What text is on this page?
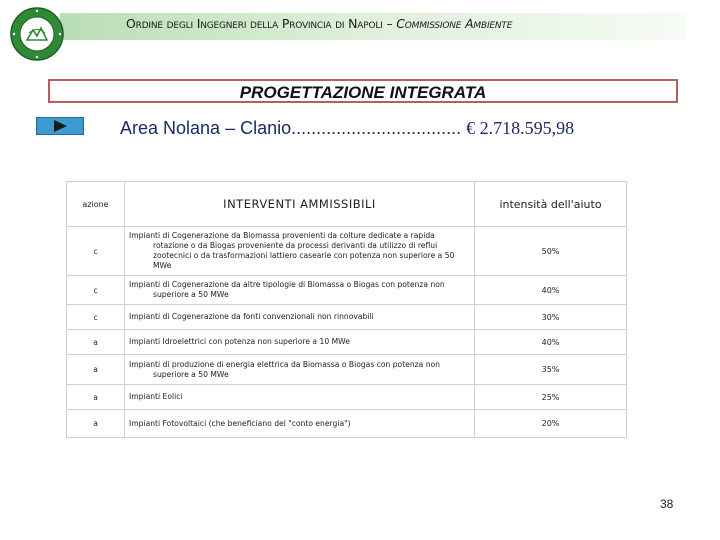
Ordine degli Ingegneri della Provincia di Napoli – Commissione Ambiente
PROGETTAZIONE INTEGRATA
Area Nolana – Clanio.................................. € 2.718.595,98
azione	INTERVENTI AMMISSIBILI	intensità dell'aiuto
c	Impianti di Cogenerazione da Biomassa provenienti da colture dedicate a rapida rotazione o da Biogas proveniente da processi derivanti da utilizzo di reflui zootecnici o da trasformazioni lattiero casearie con potenza non superiore a 50 MWe	50%
c	Impianti di Cogenerazione da altre tipologie di Biomassa o Biogas con potenza non superiore a 50 MWe	40%
c	Impianti di Cogenerazione da fonti convenzionali non rinnovabili	30%
a	Impianti Idroelettrici con potenza non superiore a 10 MWe	40%
a	Impianti di produzione di energia elettrica da Biomassa o Biogas con potenza non superiore a 50 MWe	35%
a	Impianti Eolici	25%
a	Impianti Fotovoltaici (che beneficiano del "conto energia")	20%
38
